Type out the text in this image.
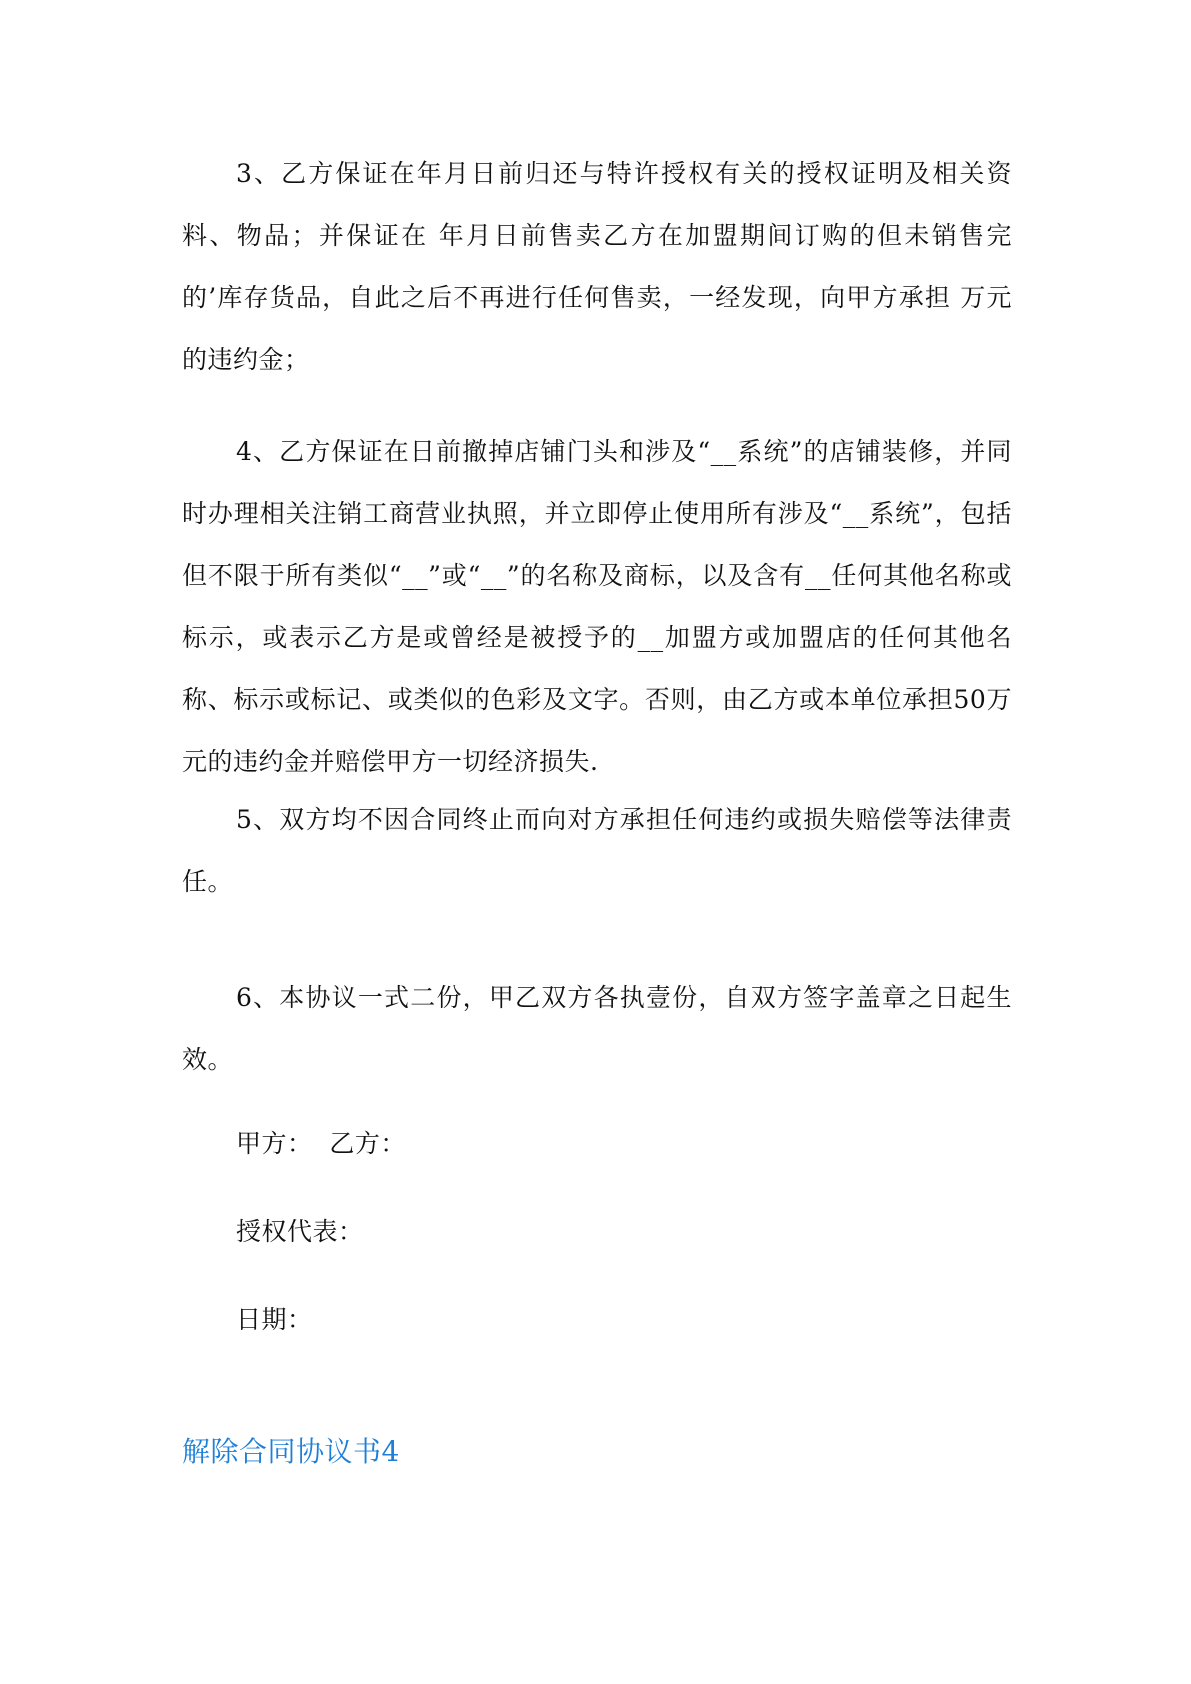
3、乙方保证在年月日前归还与特许授权有关的授权证明及相关资料、物品；并保证在 年月日前售卖乙方在加盟期间订购的但未销售完的’库存货品，自此之后不再进行任何售卖，一经发现，向甲方承担 万元的违约金；

4、乙方保证在日前撤掉店铺门头和涉及“__系统”的店铺装修，并同时办理相关注销工商营业执照，并立即停止使用所有涉及“__系统”，包括但不限于所有类似“__”或“__”的名称及商标，以及含有__任何其他名称或标示，或表示乙方是或曾经是被授予的__加盟方或加盟店的任何其他名称、标示或标记、或类似的色彩及文字。否则，由乙方或本单位承担50万元的违约金并赔偿甲方一切经济损失.

5、双方均不因合同终止而向对方承担任何违约或损失赔偿等法律责任。

6、本协议一式二份，甲乙双方各执壹份，自双方签字盖章之日起生效。

甲方：  乙方：

授权代表：

日期：

解除合同协议书4
